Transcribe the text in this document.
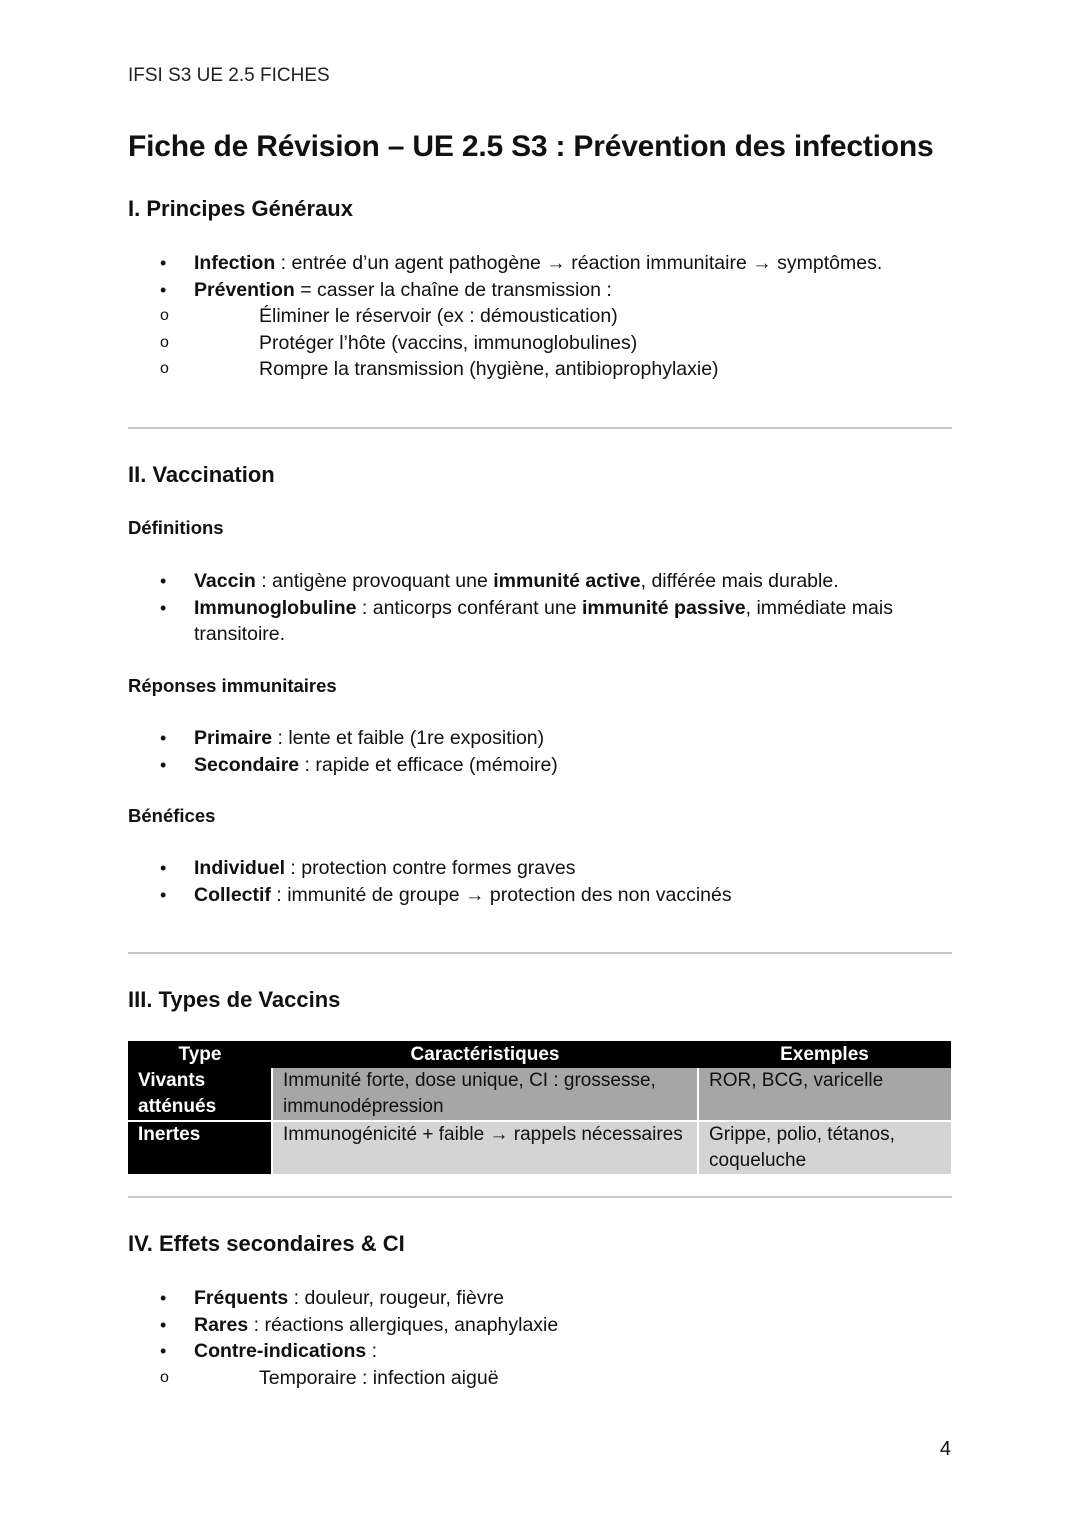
IFSI S3 UE 2.5 FICHES
Fiche de Révision – UE 2.5 S3 : Prévention des infections
I. Principes Généraux
• Infection : entrée d’un agent pathogène → réaction immunitaire → symptômes.
• Prévention = casser la chaîne de transmission :
o Éliminer le réservoir (ex : démoustication)
o Protéger l’hôte (vaccins, immunoglobulines)
o Rompre la transmission (hygiène, antibioprophylaxie)
II. Vaccination
Définitions
• Vaccin : antigène provoquant une immunité active, différée mais durable.
• Immunoglobuline : anticorps conférant une immunité passive, immédiate mais transitoire.
Réponses immunitaires
• Primaire : lente et faible (1re exposition)
• Secondaire : rapide et efficace (mémoire)
Bénéfices
• Individuel : protection contre formes graves
• Collectif : immunité de groupe → protection des non vaccinés
III. Types de Vaccins
Type	Caractéristiques	Exemples
Vivants atténués	Immunité forte, dose unique, CI : grossesse, immunodépression	ROR, BCG, varicelle
Inertes	Immunogénicité + faible → rappels nécessaires	Grippe, polio, tétanos, coqueluche
IV. Effets secondaires & CI
• Fréquents : douleur, rougeur, fièvre
• Rares : réactions allergiques, anaphylaxie
• Contre-indications :
o Temporaire : infection aiguë
4
